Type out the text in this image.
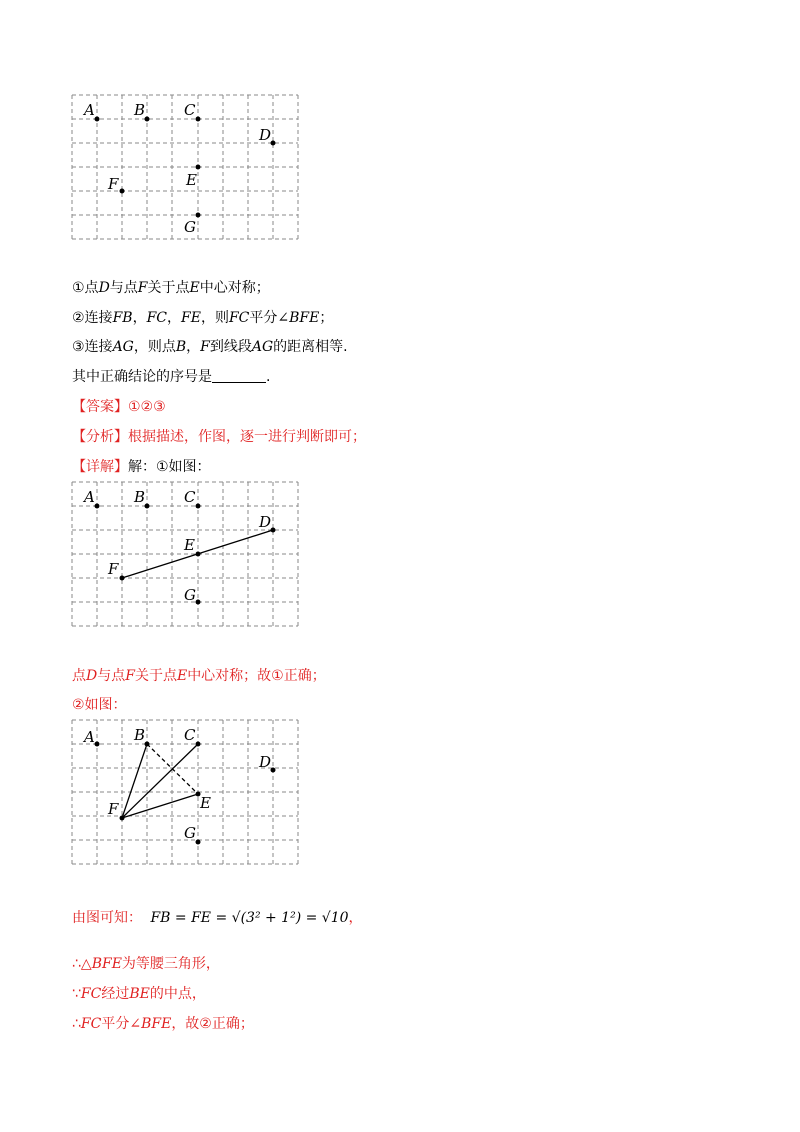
A	B	C
D
E
F
G
①点D与点F关于点E中心对称；
②连接FB，FC，FE，则FC平分∠BFE；
③连接AG，则点B，F到线段AG的距离相等.
其中正确结论的序号是	.
【答案】①②③
【分析】根据描述，作图，逐一进行判断即可；
【详解】解：①如图：
A	B	C
D
E
F
G
点D与点F关于点E中心对称；故①正确；
②如图：
A	B	C
D
E
F
G
由图可知： FB = FE = √(3² + 1²) = √10，
∴△BFE为等腰三角形，
∵FC经过BE的中点，
∴FC平分∠BFE，故②正确；
